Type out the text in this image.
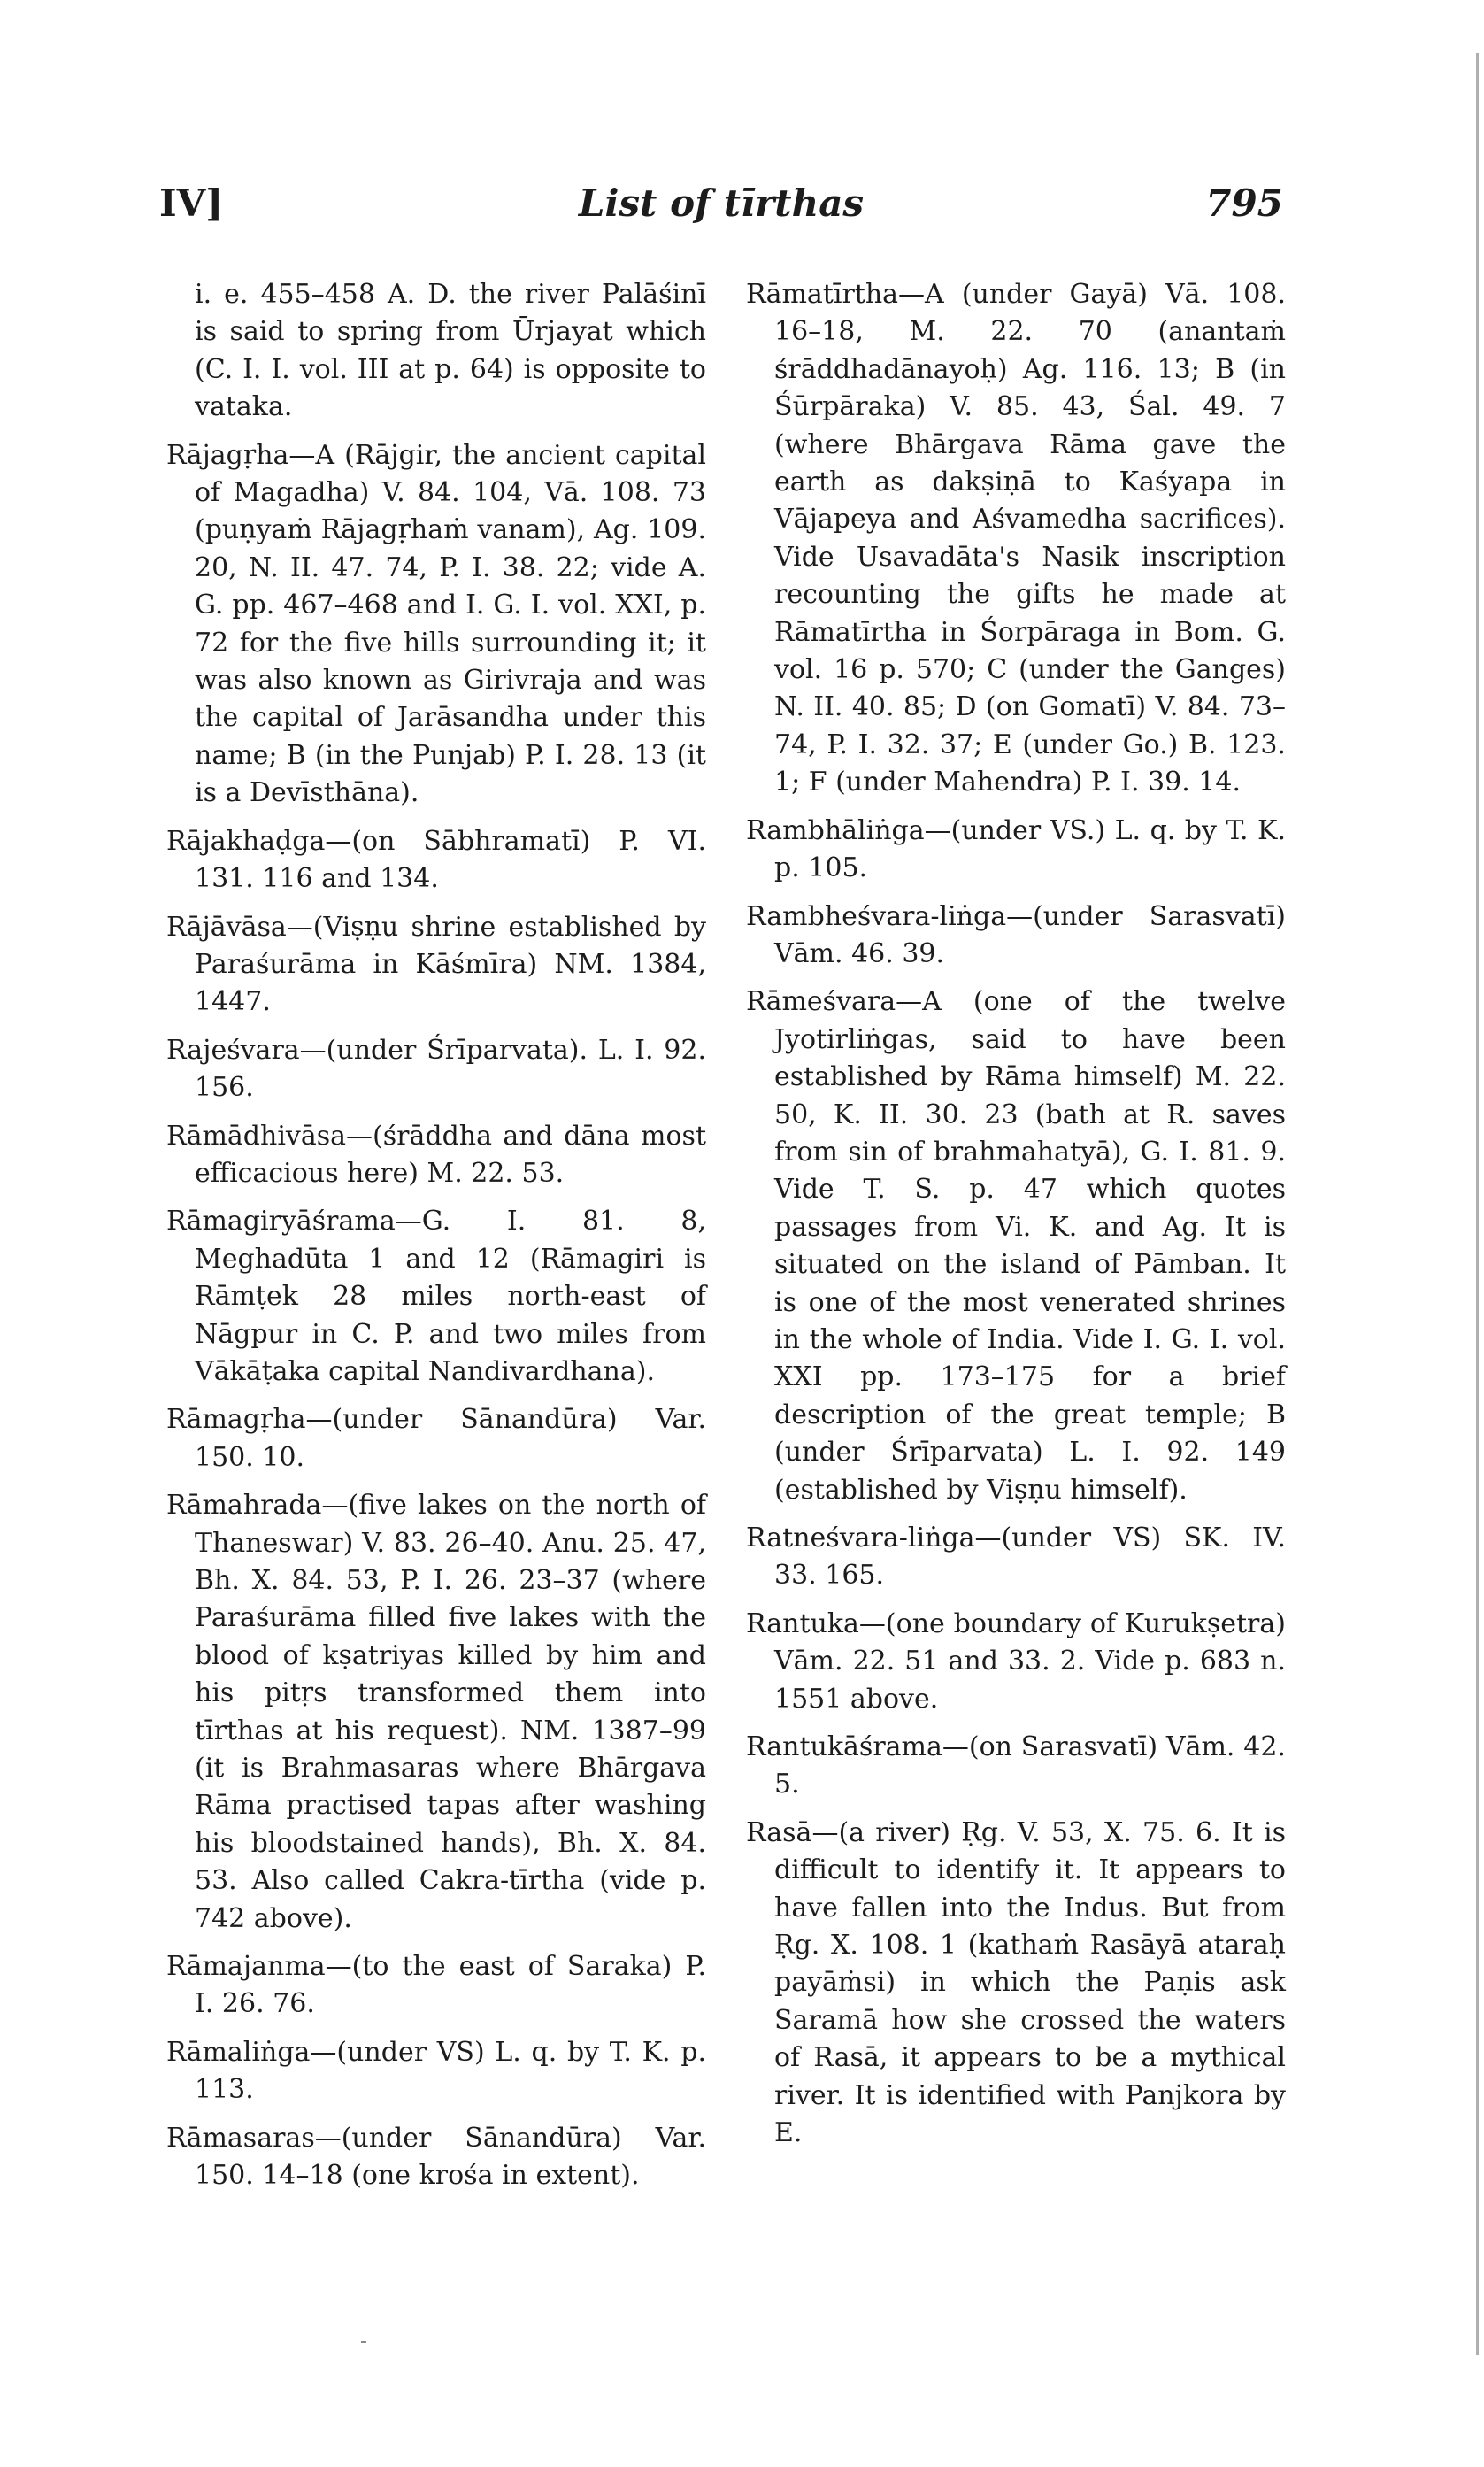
IV]	List of tīrthas	795

i. e. 455–458 A. D. the river Palāśinī is said to spring from Ūrjayat which (C. I. I. vol. III at p. 64) is opposite to vataka.

Rājagṛha—A (Rājgir, the ancient capital of Magadha) V. 84. 104, Vā. 108. 73 (puṇyaṁ Rājagṛhaṁ vanam), Ag. 109. 20, N. II. 47. 74, P. I. 38. 22; vide A. G. pp. 467–468 and I. G. I. vol. XXI, p. 72 for the five hills surrounding it; it was also known as Girivraja and was the capital of Jarāsandha under this name; B (in the Punjab) P. I. 28. 13 (it is a Devīsthāna).

Rājakhaḍga—(on Sābhramatī) P. VI. 131. 116 and 134.

Rājāvāsa—(Viṣṇu shrine established by Paraśurāma in Kāśmīra) NM. 1384, 1447.

Rajeśvara—(under Śrīparvata). L. I. 92. 156.

Rāmādhivāsa—(śrāddha and dāna most efficacious here) M. 22. 53.

Rāmagiryāśrama—G. I. 81. 8, Meghadūta 1 and 12 (Rāmagiri is Rāmṭek 28 miles north-east of Nāgpur in C. P. and two miles from Vākāṭaka capital Nandivardhana).

Rāmagṛha—(under Sānandūra) Var. 150. 10.

Rāmahrada—(five lakes on the north of Thaneswar) V. 83. 26–40. Anu. 25. 47, Bh. X. 84. 53, P. I. 26. 23–37 (where Paraśurāma filled five lakes with the blood of kṣatriyas killed by him and his pitṛs transformed them into tīrthas at his request). NM. 1387–99 (it is Brahmasaras where Bhārgava Rāma practised tapas after washing his bloodstained hands), Bh. X. 84. 53. Also called Cakra-tīrtha (vide p. 742 above).

Rāmajanma—(to the east of Saraka) P. I. 26. 76.

Rāmaliṅga—(under VS) L. q. by T. K. p. 113.

Rāmasaras—(under Sānandūra) Var. 150. 14–18 (one krośa in extent).

Rāmatīrtha—A (under Gayā) Vā. 108. 16–18, M. 22. 70 (anantaṁ śrāddhadānayoḥ) Ag. 116. 13; B (in Śūrpāraka) V. 85. 43, Śal. 49. 7 (where Bhārgava Rāma gave the earth as dakṣiṇā to Kaśyapa in Vājapeya and Aśvamedha sacrifices). Vide Usavadāta's Nasik inscription recounting the gifts he made at Rāmatīrtha in Śorpāraga in Bom. G. vol. 16 p. 570; C (under the Ganges) N. II. 40. 85; D (on Gomatī) V. 84. 73–74, P. I. 32. 37; E (under Go.) B. 123. 1; F (under Mahendra) P. I. 39. 14.

Rambhāliṅga—(under VS.) L. q. by T. K. p. 105.

Rambheśvara-liṅga—(under Sarasvatī) Vām. 46. 39.

Rāmeśvara—A (one of the twelve Jyotirliṅgas, said to have been established by Rāma himself) M. 22. 50, K. II. 30. 23 (bath at R. saves from sin of brahmahatyā), G. I. 81. 9. Vide T. S. p. 47 which quotes passages from Vi. K. and Ag. It is situated on the island of Pāmban. It is one of the most venerated shrines in the whole of India. Vide I. G. I. vol. XXI pp. 173–175 for a brief description of the great temple; B (under Śrīparvata) L. I. 92. 149 (established by Viṣṇu himself).

Ratneśvara-liṅga—(under VS) SK. IV. 33. 165.

Rantuka—(one boundary of Kurukṣetra) Vām. 22. 51 and 33. 2. Vide p. 683 n. 1551 above.

Rantukāśrama—(on Sarasvatī) Vām. 42. 5.

Rasā—(a river) Ṛg. V. 53, X. 75. 6. It is difficult to identify it. It appears to have fallen into the Indus. But from Ṛg. X. 108. 1 (kathaṁ Rasāyā ataraḥ payāṁsi) in which the Paṇis ask Saramā how she crossed the waters of Rasā, it appears to be a mythical river. It is identified with Panjkora by E.
